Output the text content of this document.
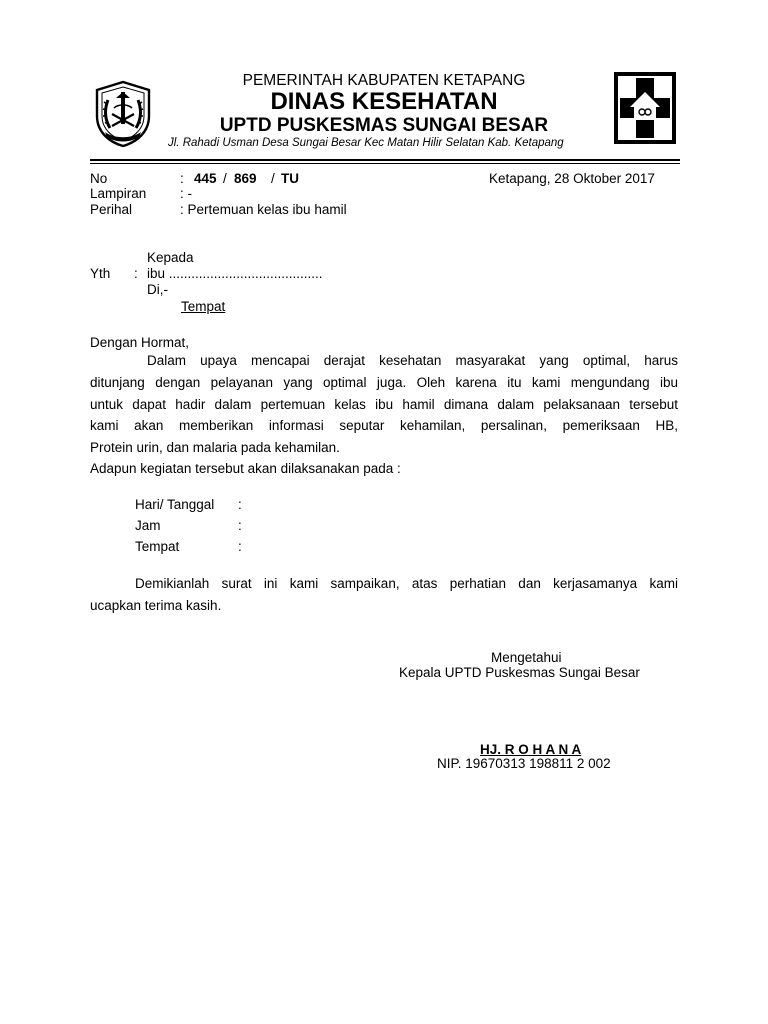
PEMERINTAH KABUPATEN KETAPANG
DINAS KESEHATAN
UPTD PUSKESMAS SUNGAI BESAR
Jl. Rahadi Usman Desa Sungai Besar Kec Matan Hilir Selatan Kab. Ketapang
No	: 445 / 869 / TU	Ketapang, 28 Oktober 2017
Lampiran : -
Perihal	: Pertemuan kelas ibu hamil
Kepada
Yth : ibu .........................................
Di,-
Tempat
Dengan Hormat,
Dalam upaya mencapai derajat kesehatan masyarakat yang optimal, harus
ditunjang dengan pelayanan yang optimal juga. Oleh karena itu kami mengundang ibu
untuk dapat hadir dalam pertemuan kelas ibu hamil dimana dalam pelaksanaan tersebut
kami akan memberikan informasi seputar kehamilan, persalinan, pemeriksaan HB,
Protein urin, dan malaria pada kehamilan.
Adapun kegiatan tersebut akan dilaksanakan pada :
Hari/ Tanggal :
Jam	:
Tempat	:
Demikianlah surat ini kami sampaikan, atas perhatian dan kerjasamanya kami
ucapkan terima kasih.
Mengetahui
Kepala UPTD Puskesmas Sungai Besar
HJ. R O H A N A
NIP. 19670313 198811 2 002
